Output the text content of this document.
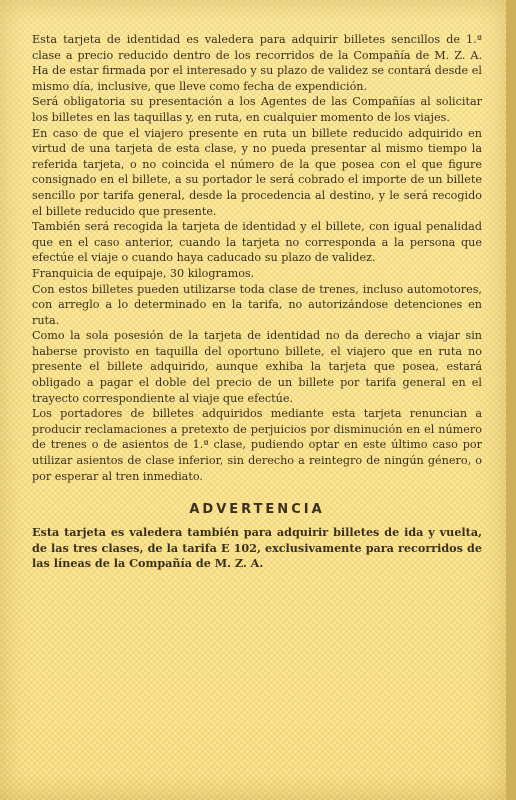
Esta tarjeta de identidad es valedera para adquirir billetes sencillos de 1.ª clase a precio reducido dentro de los recorridos de la Compañía de M. Z. A. Ha de estar firmada por el interesado y su plazo de validez se contará desde el mismo día, inclusive, que lleve como fecha de expendición.

Será obligatoria su presentación a los Agentes de las Compañías al solicitar los billetes en las taquillas y, en ruta, en cualquier momento de los viajes.

En caso de que el viajero presente en ruta un billete reducido adquirido en virtud de una tarjeta de esta clase, y no pueda presentar al mismo tiempo la referida tarjeta, o no coincida el número de la que posea con el que figure consignado en el billete, a su portador le será cobrado el importe de un billete sencillo por tarifa general, desde la procedencia al destino, y le será recogido el billete reducido que presente.

También será recogida la tarjeta de identidad y el billete, con igual penalidad que en el caso anterior, cuando la tarjeta no corresponda a la persona que efectúe el viaje o cuando haya caducado su plazo de validez.

Franquicia de equipaje, 30 kilogramos.

Con estos billetes pueden utilizarse toda clase de trenes, incluso automotores, con arreglo a lo determinado en la tarifa, no autorizándose detenciones en ruta.

Como la sola posesión de la tarjeta de identidad no da derecho a viajar sin haberse provisto en taquilla del oportuno billete, el viajero que en ruta no presente el billete adquirido, aunque exhiba la tarjeta que posea, estará obligado a pagar el doble del precio de un billete por tarifa general en el trayecto correspondiente al viaje que efectúe.

Los portadores de billetes adquiridos mediante esta tarjeta renuncian a producir reclamaciones a pretexto de perjuicios por disminución en el número de trenes o de asientos de 1.ª clase, pudiendo optar en este último caso por utilizar asientos de clase inferior, sin derecho a reintegro de ningún género, o por esperar al tren inmediato.

ADVERTENCIA

Esta tarjeta es valedera también para adquirir billetes de ida y vuelta, de las tres clases, de la tarifa E 102, exclusivamente para recorridos de las líneas de la Compañía de M. Z. A.
